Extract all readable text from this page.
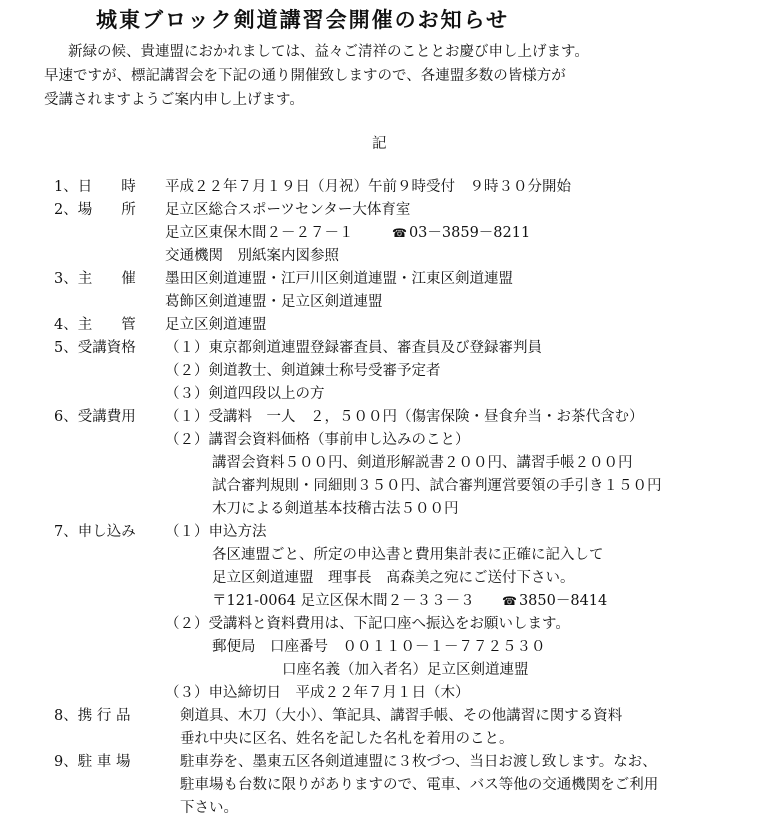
城東ブロック剣道講習会開催のお知らせ
新緑の候、貴連盟におかれましては、益々ご清祥のこととお慶び申し上げます。
早速ですが、標記講習会を下記の通り開催致しますので、各連盟多数の皆様方が
受講されますようご案内申し上げます。
記
1、日　　時 平成２２年７月１９日（月祝）午前９時受付　９時３０分開始
2、場　　所 足立区総合スポーツセンター大体育室
足立区東保木間２－２７－１	☎ 03－3859－8211
交通機関　別紙案内図参照
3、主　　催 墨田区剣道連盟・江戸川区剣道連盟・江東区剣道連盟
葛飾区剣道連盟・足立区剣道連盟
4、主　　管 足立区剣道連盟
5、受講資格 （１）東京都剣道連盟登録審査員、審査員及び登録審判員
（２）剣道教士、剣道錬士称号受審予定者
（３）剣道四段以上の方
6、受講費用 （１）受講料　一人　２，５００円（傷害保険・昼食弁当・お茶代含む）
（２）講習会資料価格（事前申し込みのこと）
講習会資料５００円、剣道形解説書２００円、講習手帳２００円
試合審判規則・同細則３５０円、試合審判運営要領の手引き１５０円
木刀による剣道基本技稽古法５００円
7、申し込み （１）申込方法
各区連盟ごと、所定の申込書と費用集計表に正確に記入して
足立区剣道連盟　理事長　髙森美之宛にご送付下さい。
〒121-0064 足立区保木間２－３３－３ ☎ 3850－8414
（２）受講料と資料費用は、下記口座へ振込をお願いします。
郵便局　口座番号　００１１０－１－７７２５３０
口座名義（加入者名）足立区剣道連盟
（３）申込締切日　平成２２年７月１日（木）
8、携 行 品	剣道具、木刀（大小）、筆記具、講習手帳、その他講習に関する資料
垂れ中央に区名、姓名を記した名札を着用のこと。
9、駐 車 場	駐車券を、墨東五区各剣道連盟に３枚づつ、当日お渡し致します。なお、
駐車場も台数に限りがありますので、電車、バス等他の交通機関をご利用
下さい。
